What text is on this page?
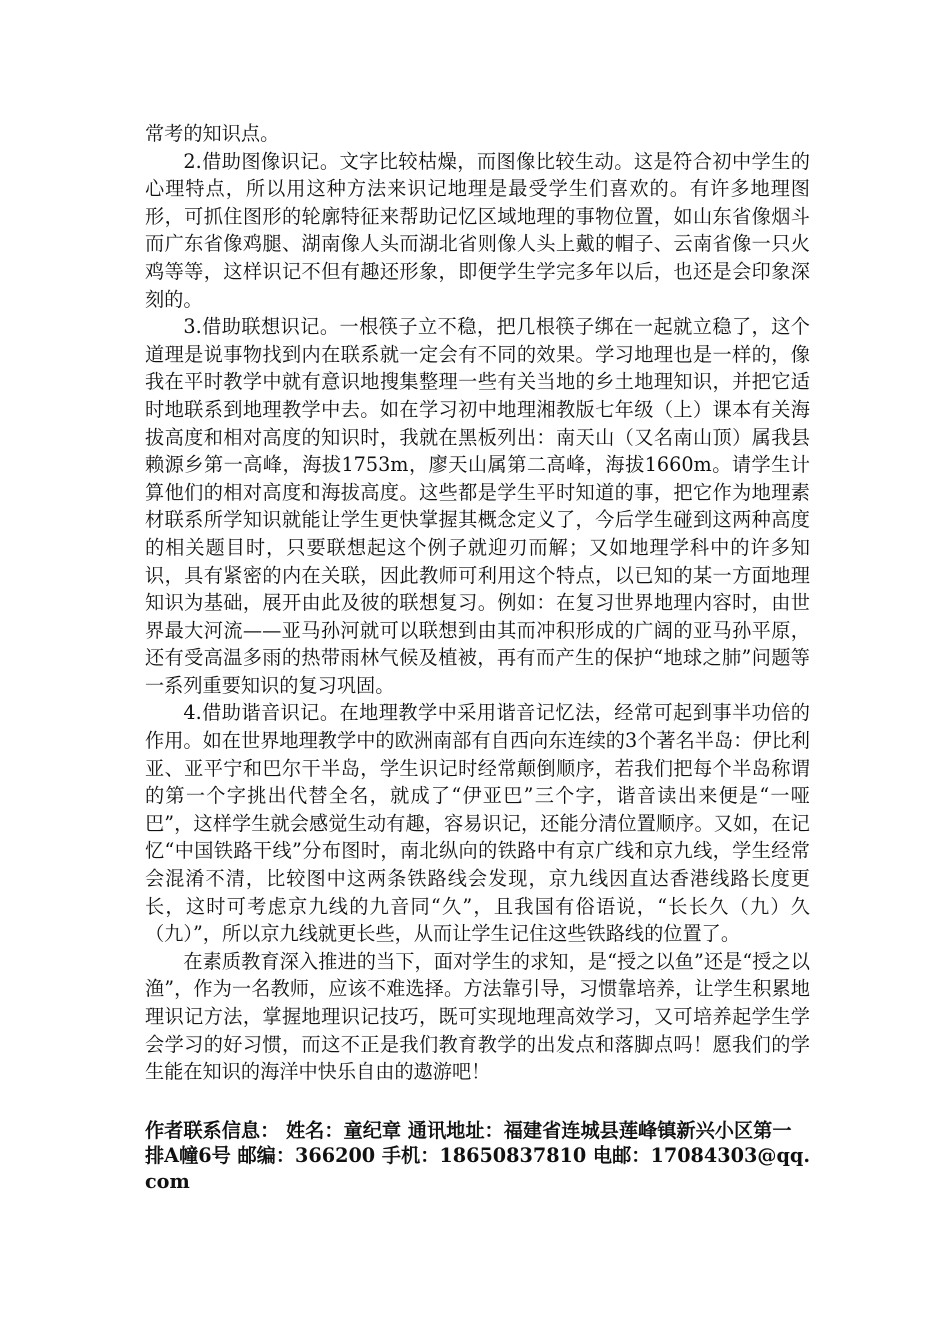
常考的知识点。

2.借助图像识记。文字比较枯燥，而图像比较生动。这是符合初中学生的心理特点，所以用这种方法来识记地理是最受学生们喜欢的。有许多地理图形，可抓住图形的轮廓特征来帮助记忆区域地理的事物位置，如山东省像烟斗而广东省像鸡腿、湖南像人头而湖北省则像人头上戴的帽子、云南省像一只火鸡等等，这样识记不但有趣还形象，即便学生学完多年以后，也还是会印象深刻的。

3.借助联想识记。一根筷子立不稳，把几根筷子绑在一起就立稳了，这个道理是说事物找到内在联系就一定会有不同的效果。学习地理也是一样的，像我在平时教学中就有意识地搜集整理一些有关当地的乡土地理知识，并把它适时地联系到地理教学中去。如在学习初中地理湘教版七年级（上）课本有关海拔高度和相对高度的知识时，我就在黑板列出：南天山（又名南山顶）属我县赖源乡第一高峰，海拔1753m，廖天山属第二高峰，海拔1660m。请学生计算他们的相对高度和海拔高度。这些都是学生平时知道的事，把它作为地理素材联系所学知识就能让学生更快掌握其概念定义了，今后学生碰到这两种高度的相关题目时，只要联想起这个例子就迎刃而解；又如地理学科中的许多知识，具有紧密的内在关联，因此教师可利用这个特点，以已知的某一方面地理知识为基础，展开由此及彼的联想复习。例如：在复习世界地理内容时，由世界最大河流——亚马孙河就可以联想到由其而冲积形成的广阔的亚马孙平原，还有受高温多雨的热带雨林气候及植被，再有而产生的保护“地球之肺”问题等一系列重要知识的复习巩固。

4.借助谐音识记。在地理教学中采用谐音记忆法，经常可起到事半功倍的作用。如在世界地理教学中的欧洲南部有自西向东连续的3个著名半岛：伊比利亚、亚平宁和巴尔干半岛，学生识记时经常颠倒顺序，若我们把每个半岛称谓的第一个字挑出代替全名，就成了“伊亚巴”三个字，谐音读出来便是“一哑巴”，这样学生就会感觉生动有趣，容易识记，还能分清位置顺序。又如，在记忆“中国铁路干线”分布图时，南北纵向的铁路中有京广线和京九线，学生经常会混淆不清，比较图中这两条铁路线会发现，京九线因直达香港线路长度更长，这时可考虑京九线的九音同“久”，且我国有俗语说，“长长久（九）久（九）”，所以京九线就更长些，从而让学生记住这些铁路线的位置了。

在素质教育深入推进的当下，面对学生的求知，是“授之以鱼”还是“授之以渔”，作为一名教师，应该不难选择。方法靠引导，习惯靠培养，让学生积累地理识记方法，掌握地理识记技巧，既可实现地理高效学习，又可培养起学生学会学习的好习惯，而这不正是我们教育教学的出发点和落脚点吗！愿我们的学生能在知识的海洋中快乐自由的遨游吧！

作者联系信息： 姓名：童纪章 通讯地址：福建省连城县莲峰镇新兴小区第一排A幢6号 邮编：366200 手机：18650837810 电邮：17084303@qq.com
